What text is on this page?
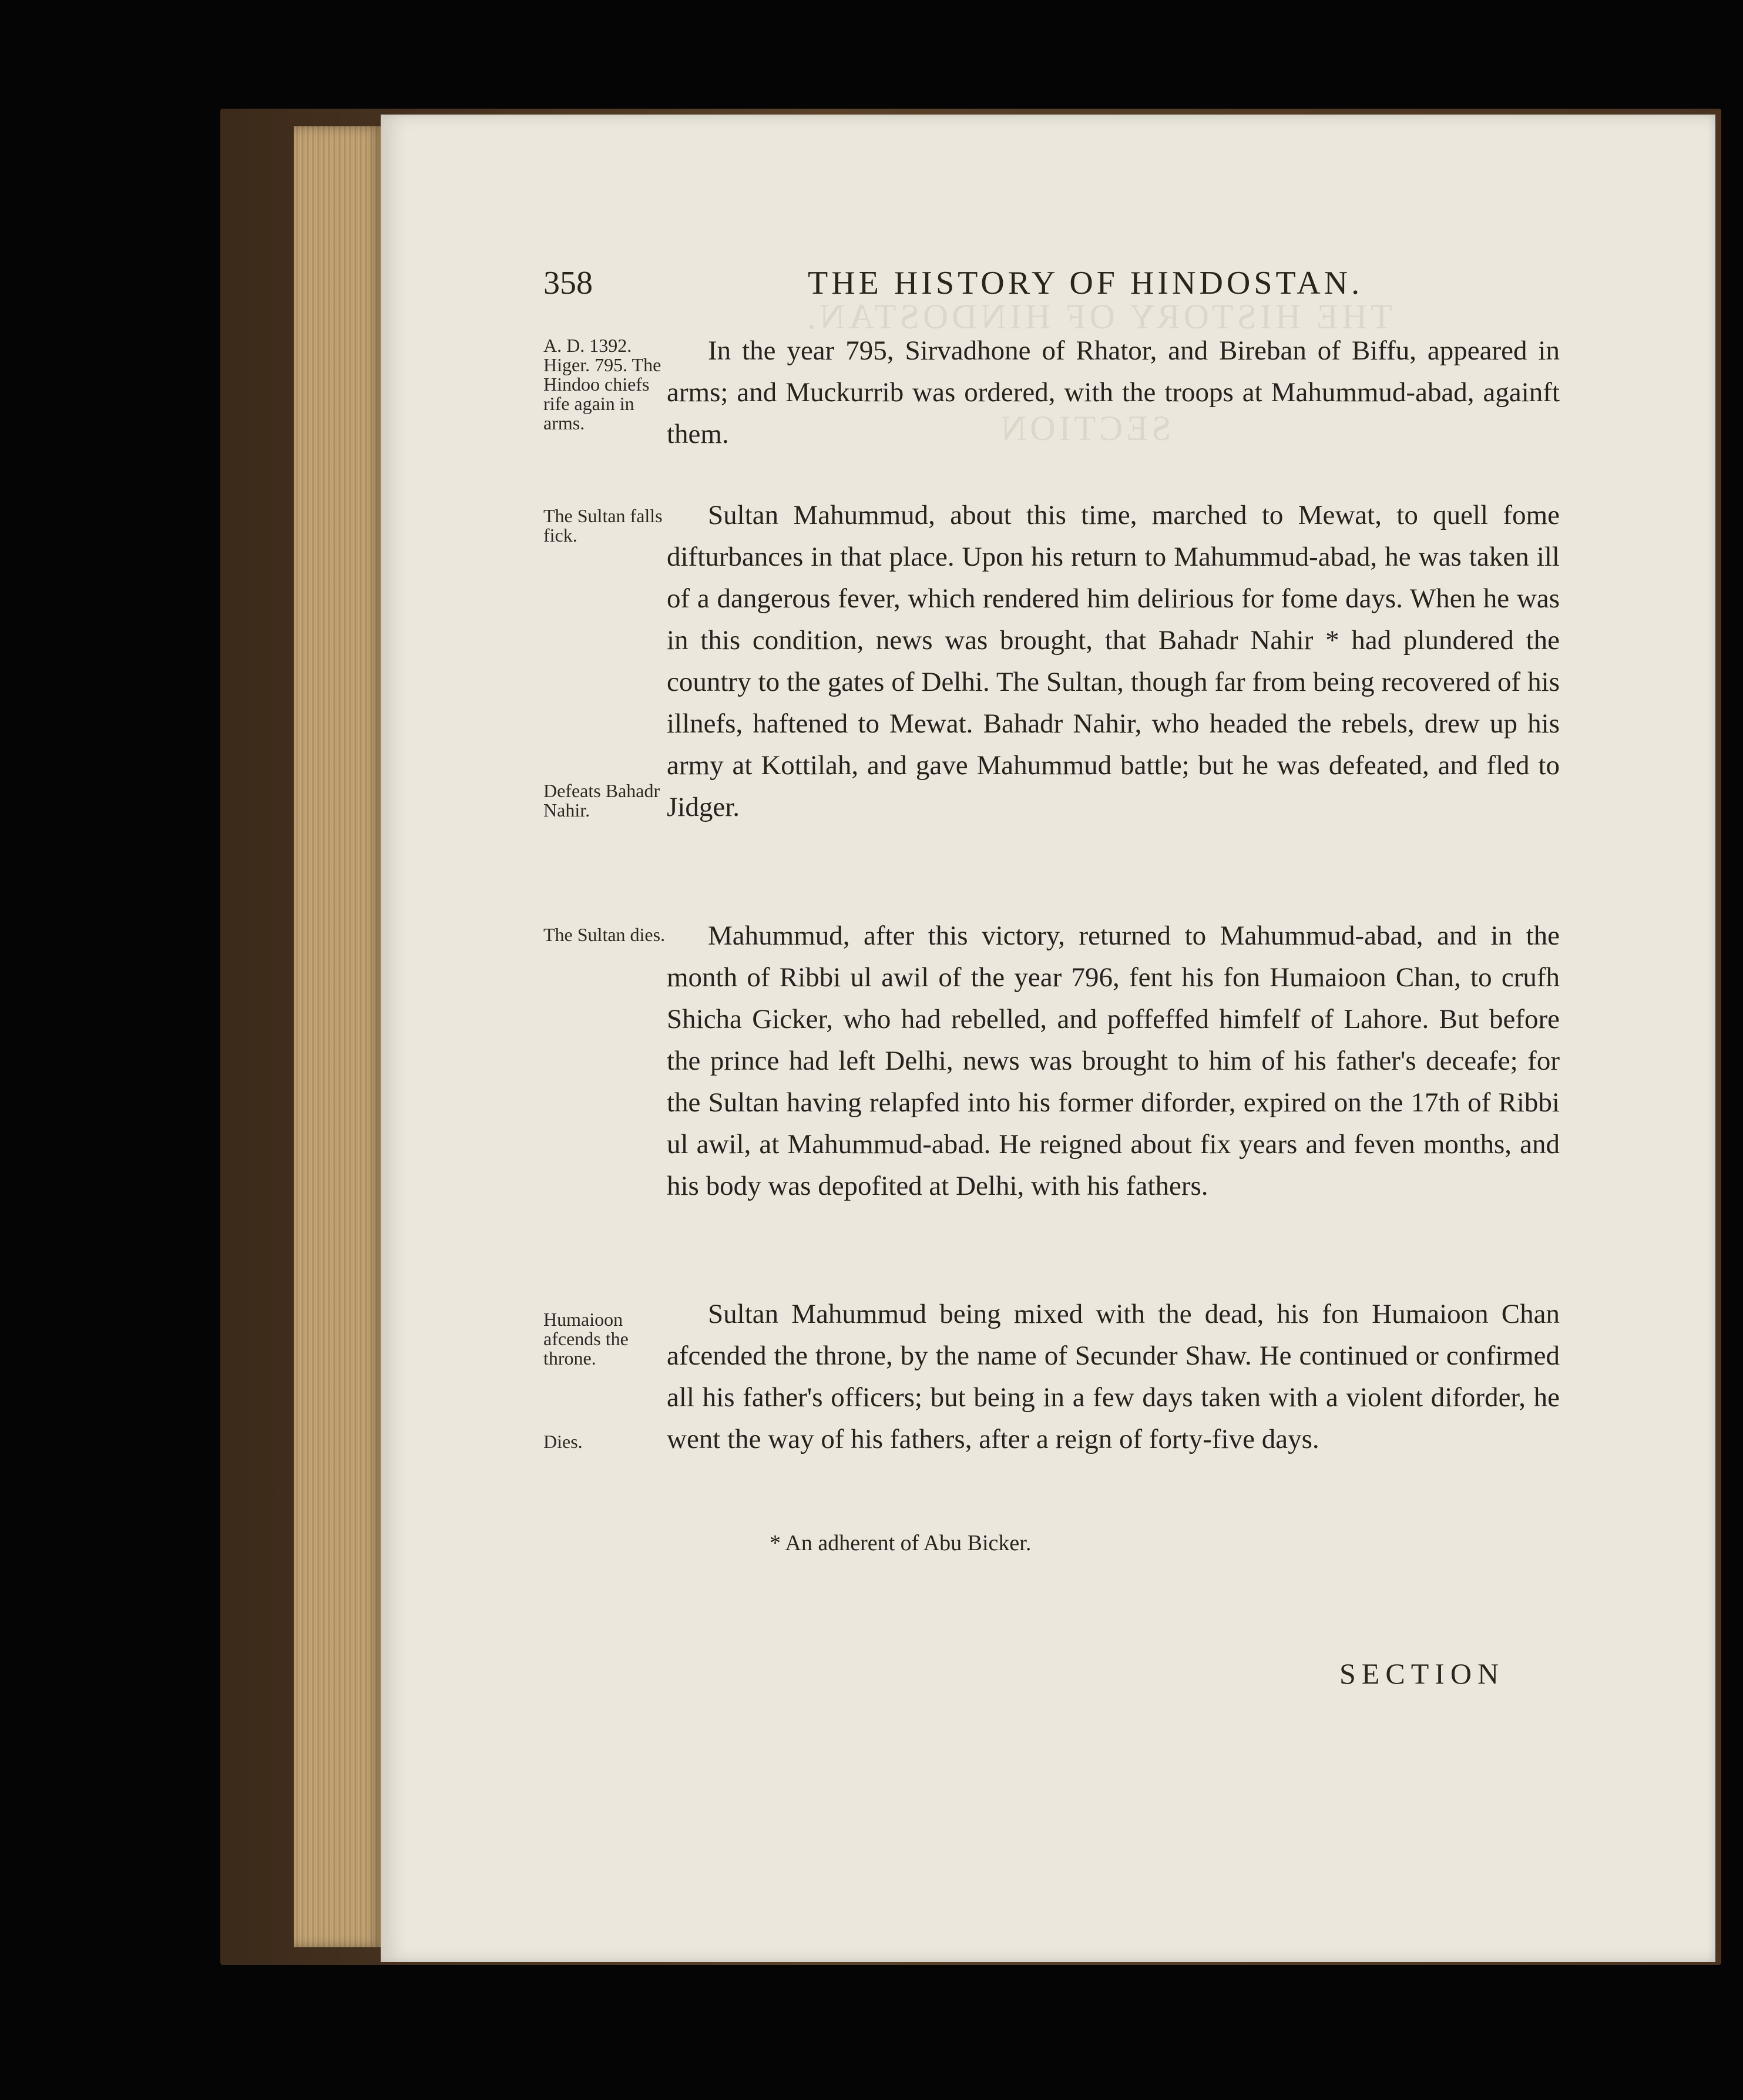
THE HISTORY OF HINDOSTAN.
SECTION
358	THE HISTORY OF HINDOSTAN.
A. D. 1392. Higer. 795. The Hindoo chiefs rife again in arms.
The Sultan falls fick.
Defeats Bahadr Nahir.
The Sultan dies.
Humaioon afcends the throne.
Dies.

In the year 795, Sirvadhone of Rhator, and Bireban of Biffu, appeared in arms; and Muckurrib was ordered, with the troops at Mahummud-abad, againft them.

Sultan Mahummud, about this time, marched to Mewat, to quell fome difturbances in that place. Upon his return to Mahummud-abad, he was taken ill of a dangerous fever, which rendered him delirious for fome days. When he was in this condition, news was brought, that Bahadr Nahir * had plundered the country to the gates of Delhi. The Sultan, though far from being recovered of his illnefs, haftened to Mewat. Bahadr Nahir, who headed the rebels, drew up his army at Kottilah, and gave Mahummud battle; but he was defeated, and fled to Jidger.

Mahummud, after this victory, returned to Mahummud-abad, and in the month of Ribbi ul awil of the year 796, fent his fon Humaioon Chan, to crufh Shicha Gicker, who had rebelled, and poffeffed himfelf of Lahore. But before the prince had left Delhi, news was brought to him of his father's deceafe; for the Sultan having relapfed into his former diforder, expired on the 17th of Ribbi ul awil, at Mahummud-abad. He reigned about fix years and feven months, and his body was depofited at Delhi, with his fathers.

Sultan Mahummud being mixed with the dead, his fon Humaioon Chan afcended the throne, by the name of Secunder Shaw. He continued or confirmed all his father's officers; but being in a few days taken with a violent diforder, he went the way of his fathers, after a reign of forty-five days.

* An adherent of Abu Bicker.
SECTION
